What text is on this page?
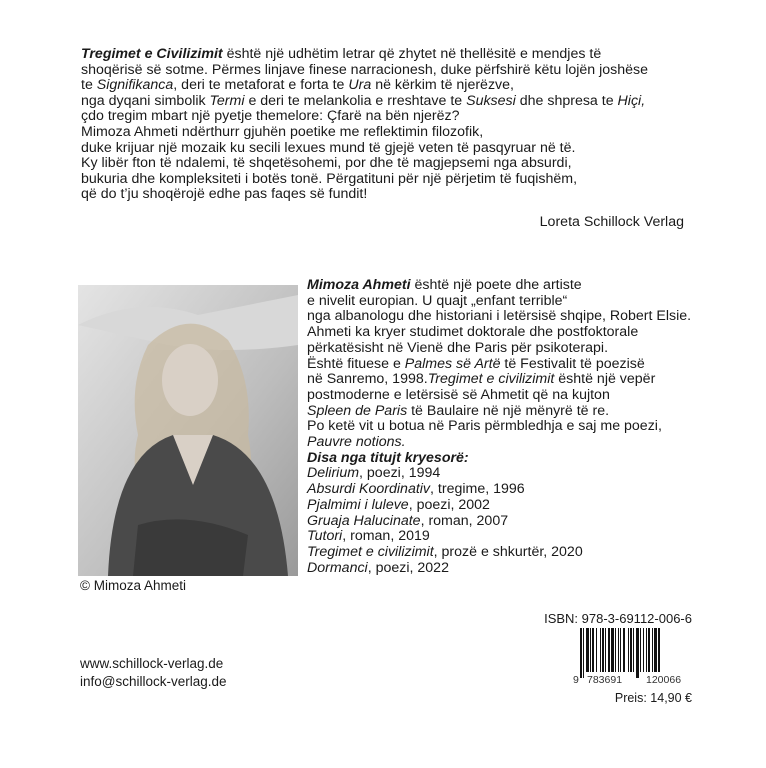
Tregimet e Civilizimit është një udhëtim letrar që zhytet në thellësitë e mendjes të
shoqërisë së sotme. Përmes linjave finese narracionesh, duke përfshirë këtu lojën joshëse
te Signifikanca, deri te metaforat e forta te Ura në kërkim të njerëzve,
nga dyqani simbolik Termi e deri te melankolia e rreshtave te Suksesi dhe shpresa te Hiçi,
çdo tregim mbart një pyetje themelore: Çfarë na bën njerëz?
Mimoza Ahmeti ndërthurr gjuhën poetike me reflektimin filozofik,
duke krijuar një mozaik ku secili lexues mund të gjejë veten të pasqyruar në të.
Ky libër fton të ndalemi, të shqetësohemi, por dhe të magjepsemi nga absurdi,
bukuria dhe kompleksiteti i botës tonë. Përgatituni për një përjetim të fuqishëm,
që do t’ju shoqërojë edhe pas faqes së fundit!
Loreta Schillock Verlag
Mimoza Ahmeti është një poete dhe artiste
e nivelit europian. U quajt „enfant terrible“
nga albanologu dhe historiani i letërsisë shqipe, Robert Elsie.
Ahmeti ka kryer studimet doktorale dhe postfoktorale
përkatësisht në Vienë dhe Paris për psikoterapi.
Është fituese e Palmes së Artë të Festivalit të poezisë
në Sanremo, 1998.Tregimet e civilizimit është një vepër
postmoderne e letërsisë së Ahmetit që na kujton
Spleen de Paris të Baulaire në një mënyrë të re.
Po ketë vit u botua në Paris përmbledhja e saj me poezi,
Pauvre notions.
Disa nga titujt kryesorë:
Delirium, poezi, 1994
Absurdi Koordinativ, tregime, 1996
Pjalmimi i luleve, poezi, 2002
Gruaja Halucinate, roman, 2007
Tutori, roman, 2019
Tregimet e civilizimit, prozë e shkurtër, 2020
Dormanci, poezi, 2022
© Mimoza Ahmeti
ISBN: 978-3-69112-006-6
9 783691 120066
Preis: 14,90 €
www.schillock-verlag.de
info@schillock-verlag.de
